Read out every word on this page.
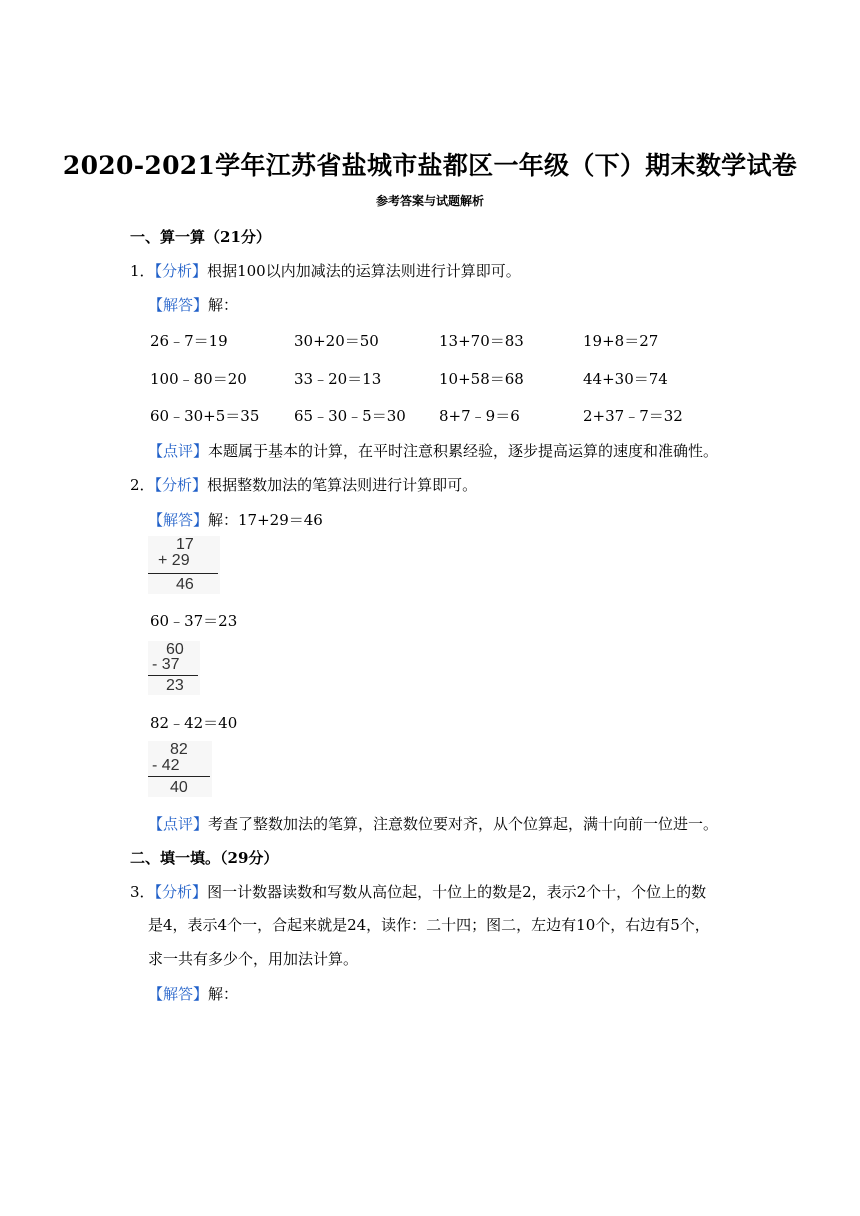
2020-2021学年江苏省盐城市盐都区一年级（下）期末数学试卷
参考答案与试题解析
一、算一算（21分）
1．【分析】根据100以内加减法的运算法则进行计算即可。
【解答】解：
26﹣7＝19	30+20＝50	13+70＝83	19+8＝27
100﹣80＝20	33﹣20＝13	10+58＝68	44+30＝74
60﹣30+5＝35 65﹣30﹣5＝30 8+7﹣9＝6	2+37﹣7＝32
【点评】本题属于基本的计算，在平时注意积累经验，逐步提高运算的速度和准确性。
2．【分析】根据整数加法的笔算法则进行计算即可。
【解答】解：17+29＝46
17
+ 29
46
60﹣37＝23
60
- 37
23
82﹣42＝40
82
- 42
40
【点评】考查了整数加法的笔算，注意数位要对齐，从个位算起，满十向前一位进一。
二、填一填。（29分）
3．【分析】图一计数器读数和写数从高位起，十位上的数是2，表示2个十，个位上的数
是4，表示4个一，合起来就是24，读作：二十四；图二，左边有10个，右边有5个，
求一共有多少个，用加法计算。
【解答】解：
